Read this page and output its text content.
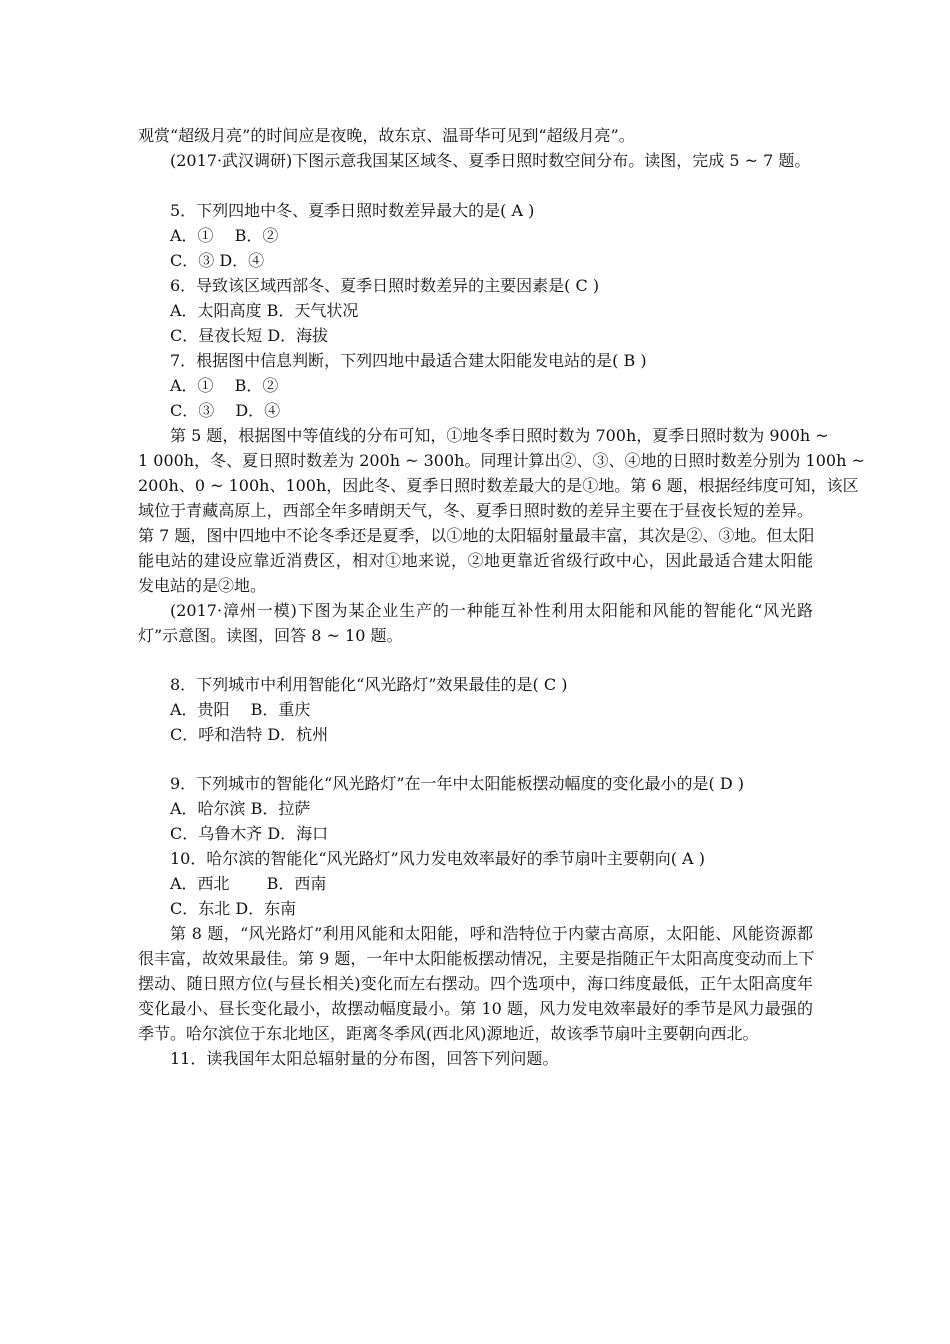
观赏“超级月亮”的时间应是夜晚，故东京、温哥华可见到“超级月亮”。
(2017·武汉调研)下图示意我国某区域冬、夏季日照时数空间分布。读图，完成 5 ~ 7 题。
5．下列四地中冬、夏季日照时数差异最大的是( A )
A．①　 B．②
C．③ D．④
6．导致该区域西部冬、夏季日照时数差异的主要因素是( C )
A．太阳高度 B．天气状况
C．昼夜长短 D．海拔
7．根据图中信息判断，下列四地中最适合建太阳能发电站的是( B )
A．①　 B．②
C．③　 D．④
第 5 题，根据图中等值线的分布可知，①地冬季日照时数为 700h，夏季日照时数为 900h ~
1 000h，冬、夏日照时数差为 200h ~ 300h。同理计算出②、③、④地的日照时数差分别为 100h ~
200h、0 ~ 100h、100h，因此冬、夏季日照时数差最大的是①地。第 6 题，根据经纬度可知，该区
域位于青藏高原上，西部全年多晴朗天气，冬、夏季日照时数的差异主要在于昼夜长短的差异。
第 7 题，图中四地中不论冬季还是夏季，以①地的太阳辐射量最丰富，其次是②、③地。但太阳
能电站的建设应靠近消费区，相对①地来说，②地更靠近省级行政中心，因此最适合建太阳能
发电站的是②地。
(2017·漳州一模)下图为某企业生产的一种能互补性利用太阳能和风能的智能化“风光路
灯”示意图。读图，回答 8 ~ 10 题。
8．下列城市中利用智能化“风光路灯”效果最佳的是( C )
A．贵阳　 B．重庆
C．呼和浩特 D．杭州
9．下列城市的智能化“风光路灯”在一年中太阳能板摆动幅度的变化最小的是( D )
A．哈尔滨 B．拉萨
C．乌鲁木齐 D．海口
10．哈尔滨的智能化“风光路灯”风力发电效率最好的季节扇叶主要朝向( A )
A．西北　　 B．西南
C．东北 D．东南
第 8 题，“风光路灯”利用风能和太阳能，呼和浩特位于内蒙古高原，太阳能、风能资源都
很丰富，故效果最佳。第 9 题，一年中太阳能板摆动情况，主要是指随正午太阳高度变动而上下
摆动、随日照方位(与昼长相关)变化而左右摆动。四个选项中，海口纬度最低，正午太阳高度年
变化最小、昼长变化最小，故摆动幅度最小。第 10 题，风力发电效率最好的季节是风力最强的
季节。哈尔滨位于东北地区，距离冬季风(西北风)源地近，故该季节扇叶主要朝向西北。
11．读我国年太阳总辐射量的分布图，回答下列问题。
